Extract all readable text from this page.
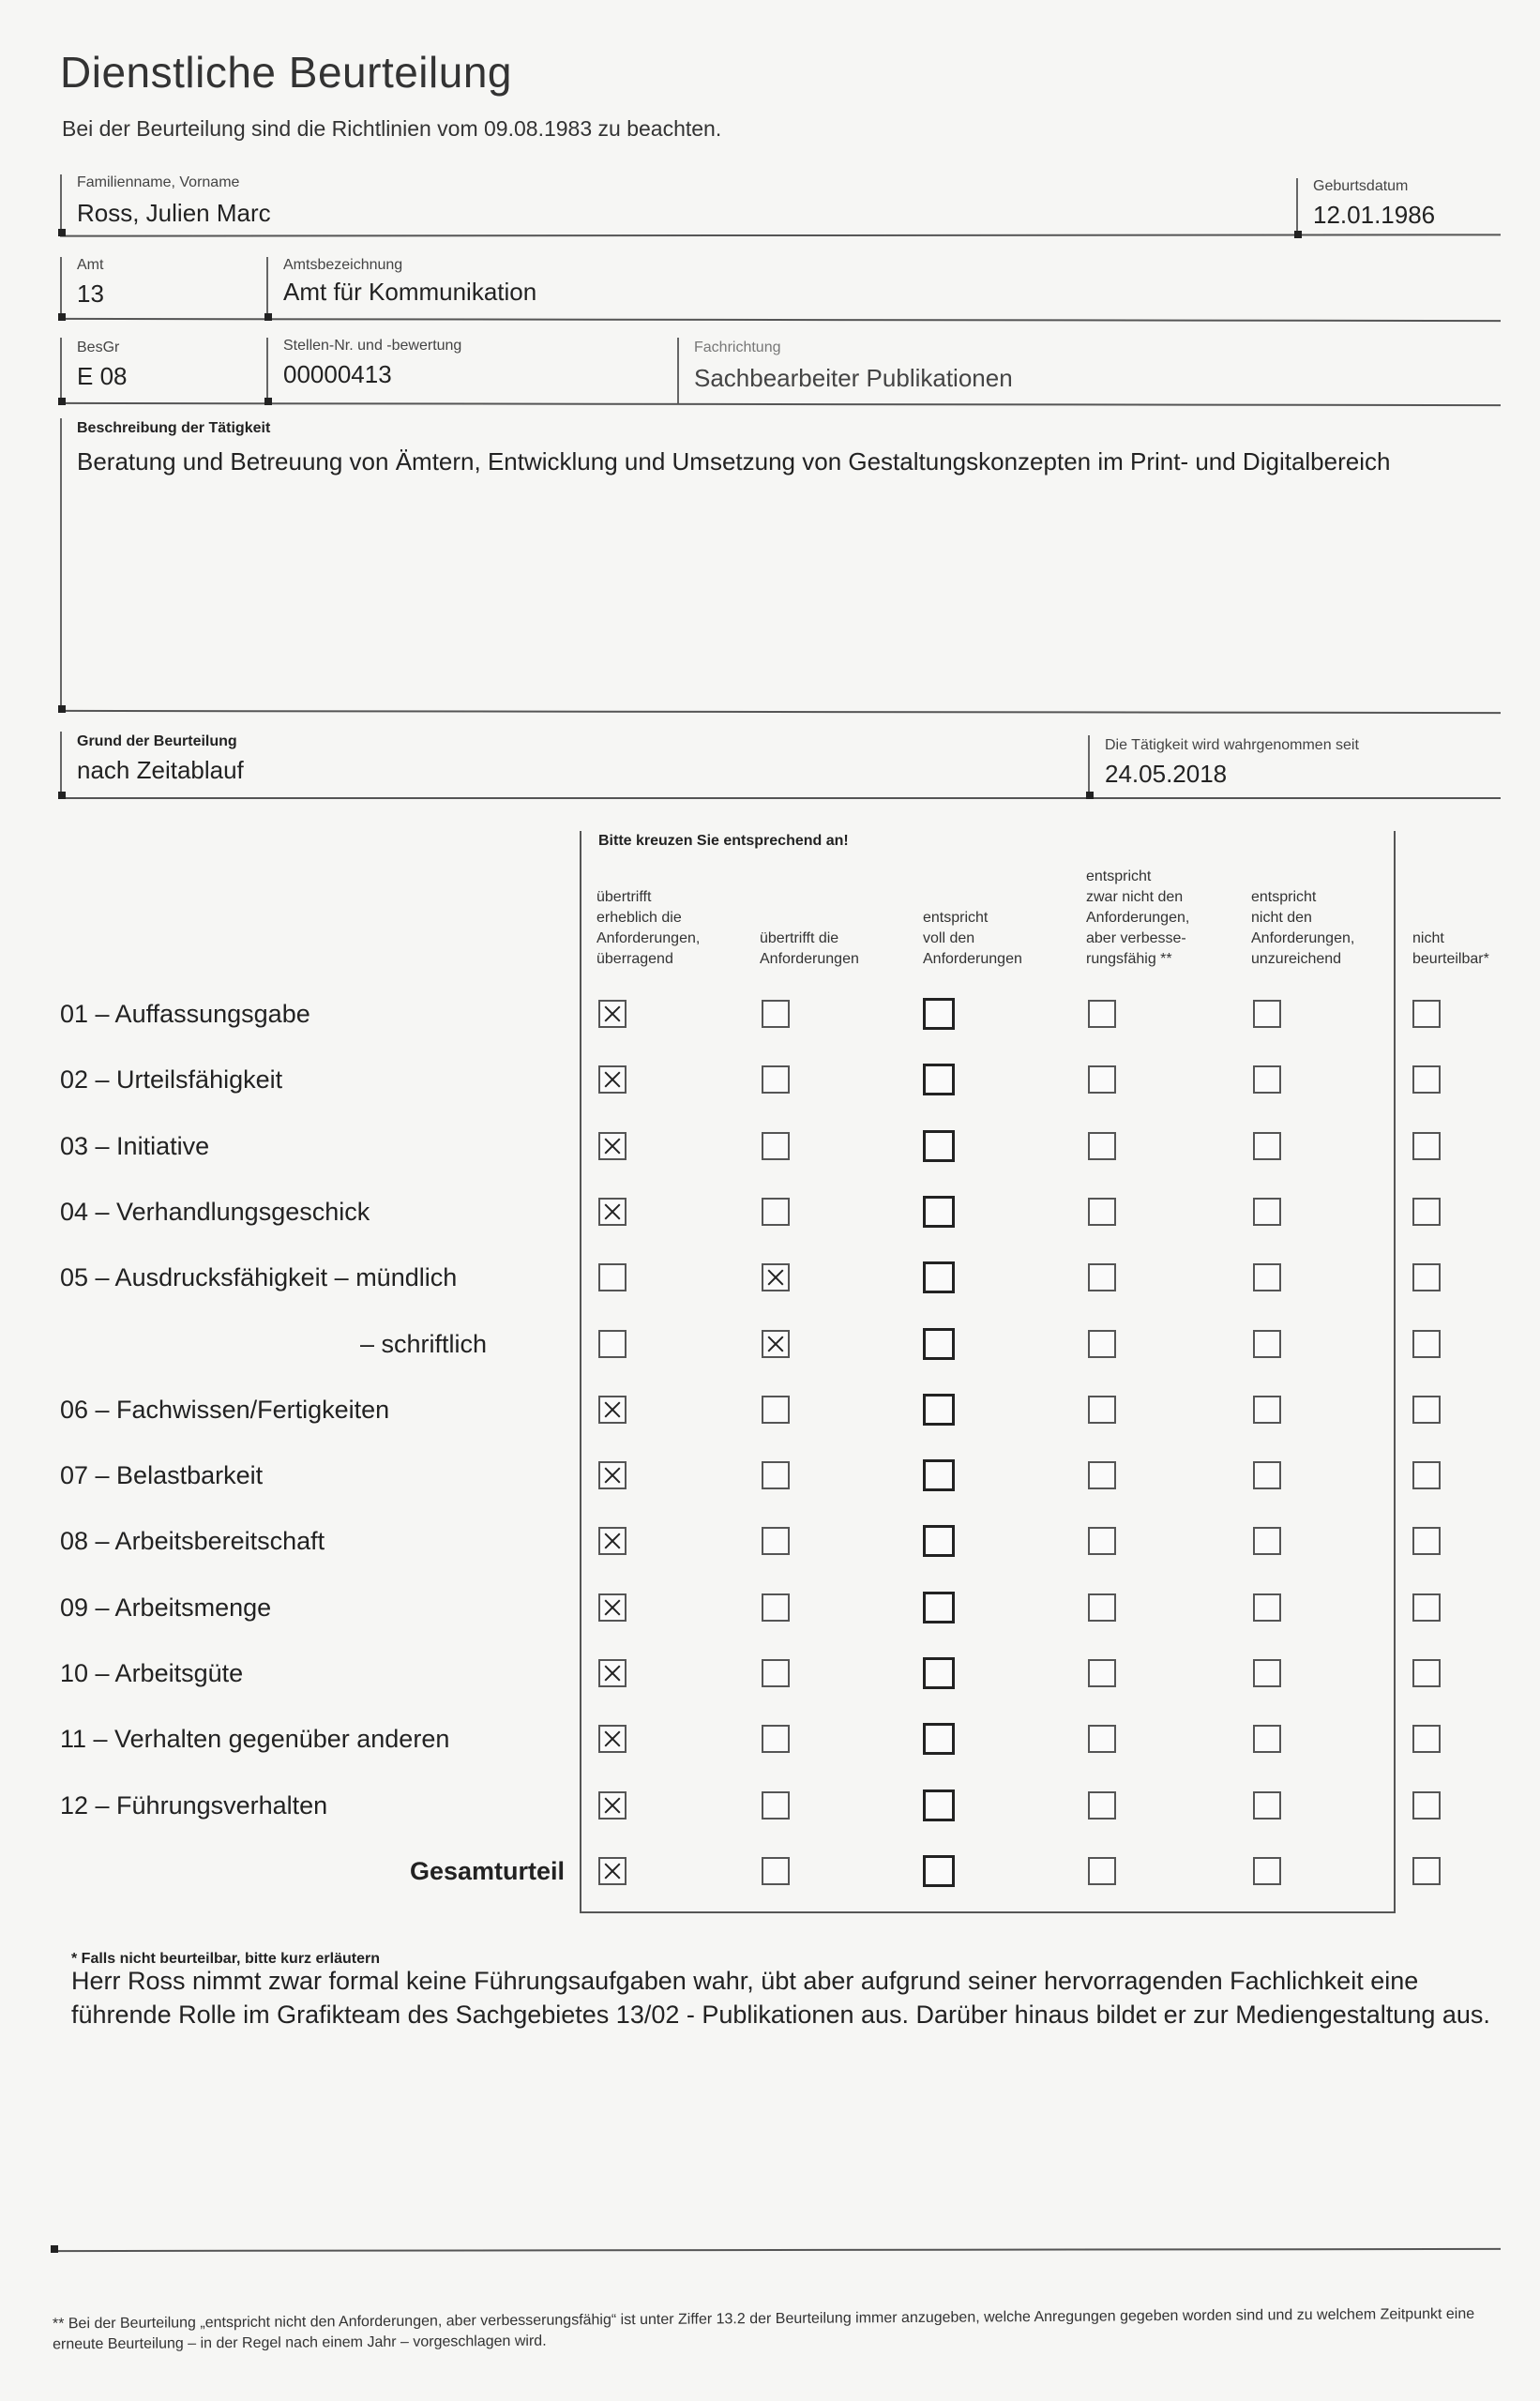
Dienstliche Beurteilung
Bei der Beurteilung sind die Richtlinien vom 09.08.1983 zu beachten.
Familienname, Vorname
Ross, Julien Marc
Geburtsdatum
12.01.1986
Amt
13
Amtsbezeichnung
Amt für Kommunikation
BesGr
E 08
Stellen-Nr. und -bewertung
00000413
Fachrichtung
Sachbearbeiter Publikationen
Beschreibung der Tätigkeit
Beratung und Betreuung von Ämtern, Entwicklung und Umsetzung von Gestaltungskonzepten im Print- und Digitalbereich
Grund der Beurteilung
nach Zeitablauf
Die Tätigkeit wird wahrgenommen seit
24.05.2018
Bitte kreuzen Sie entsprechend an!
übertrifft
erheblich die
Anforderungen,
überragend
übertrifft die
Anforderungen
entspricht
voll den
Anforderungen
entspricht
zwar nicht den
Anforderungen,
aber verbesse-
rungsfähig **
entspricht
nicht den
Anforderungen,
unzureichend
nicht
beurteilbar*
01 – Auffassungsgabe
02 – Urteilsfähigkeit
03 – Initiative
04 – Verhandlungsgeschick
05 – Ausdrucksfähigkeit – mündlich
– schriftlich
06 – Fachwissen/Fertigkeiten
07 – Belastbarkeit
08 – Arbeitsbereitschaft
09 – Arbeitsmenge
10 – Arbeitsgüte
11 – Verhalten gegenüber anderen
12 – Führungsverhalten
Gesamturteil
* Falls nicht beurteilbar, bitte kurz erläutern
Herr Ross nimmt zwar formal keine Führungsaufgaben wahr, übt aber aufgrund seiner hervorragenden Fachlichkeit eine führende Rolle im Grafikteam des Sachgebietes 13/02 - Publikationen aus. Darüber hinaus bildet er zur Mediengestaltung aus.
** Bei der Beurteilung „entspricht nicht den Anforderungen, aber verbesserungsfähig“ ist unter Ziffer 13.2 der Beurteilung immer anzugeben, welche Anregungen gegeben worden sind und zu welchem Zeitpunkt eine erneute Beurteilung – in der Regel nach einem Jahr – vorgeschlagen wird.
